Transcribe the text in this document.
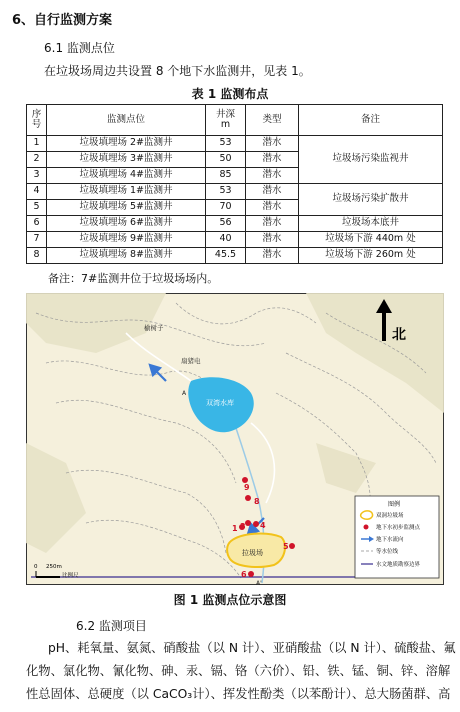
6、自行监测方案
6.1 监测点位
在垃圾场周边共设置 8 个地下水监测井，见表 1。
表 1 监测布点
序号	监测点位	井深m	类型	备注
1	垃圾填埋场 2#监测井	53	潜水	垃圾场污染监视井
2	垃圾填埋场 3#监测井	50	潜水	
3	垃圾填埋场 4#监测井	85	潜水	
4	垃圾填埋场 1#监测井	53	潜水	垃圾场污染扩散井
5	垃圾填埋场 5#监测井	70	潜水	
6	垃圾填埋场 6#监测井	56	潜水	垃圾场本底井
7	垃圾填埋场 9#监测井	40	潜水	垃圾场下游 440m 处
8	垃圾填埋场 8#监测井	45.5	潜水	垃圾场下游 260m 处
备注：7#监测井位于垃圾场场内。
双湾水库
榆树子
扇猪电
A
A'
拉圾场
9
8
1 3 4
5
6
北
0 250m
比例尺
图例
双洞垃圾场
地下水初步监测点
地下水流向
等水位线
水文地质勘察边界
图 1 监测点位示意图
6.2 监测项目
pH、耗氧量、氨氮、硝酸盐（以 N 计）、亚硝酸盐（以 N 计）、硫酸盐、氟
化物、氯化物、氰化物、砷、汞、镉、铬（六价）、铅、铁、锰、铜、锌、溶解
性总固体、总硬度（以 CaCO₃计）、挥发性酚类（以苯酚计）、总大肠菌群、高
